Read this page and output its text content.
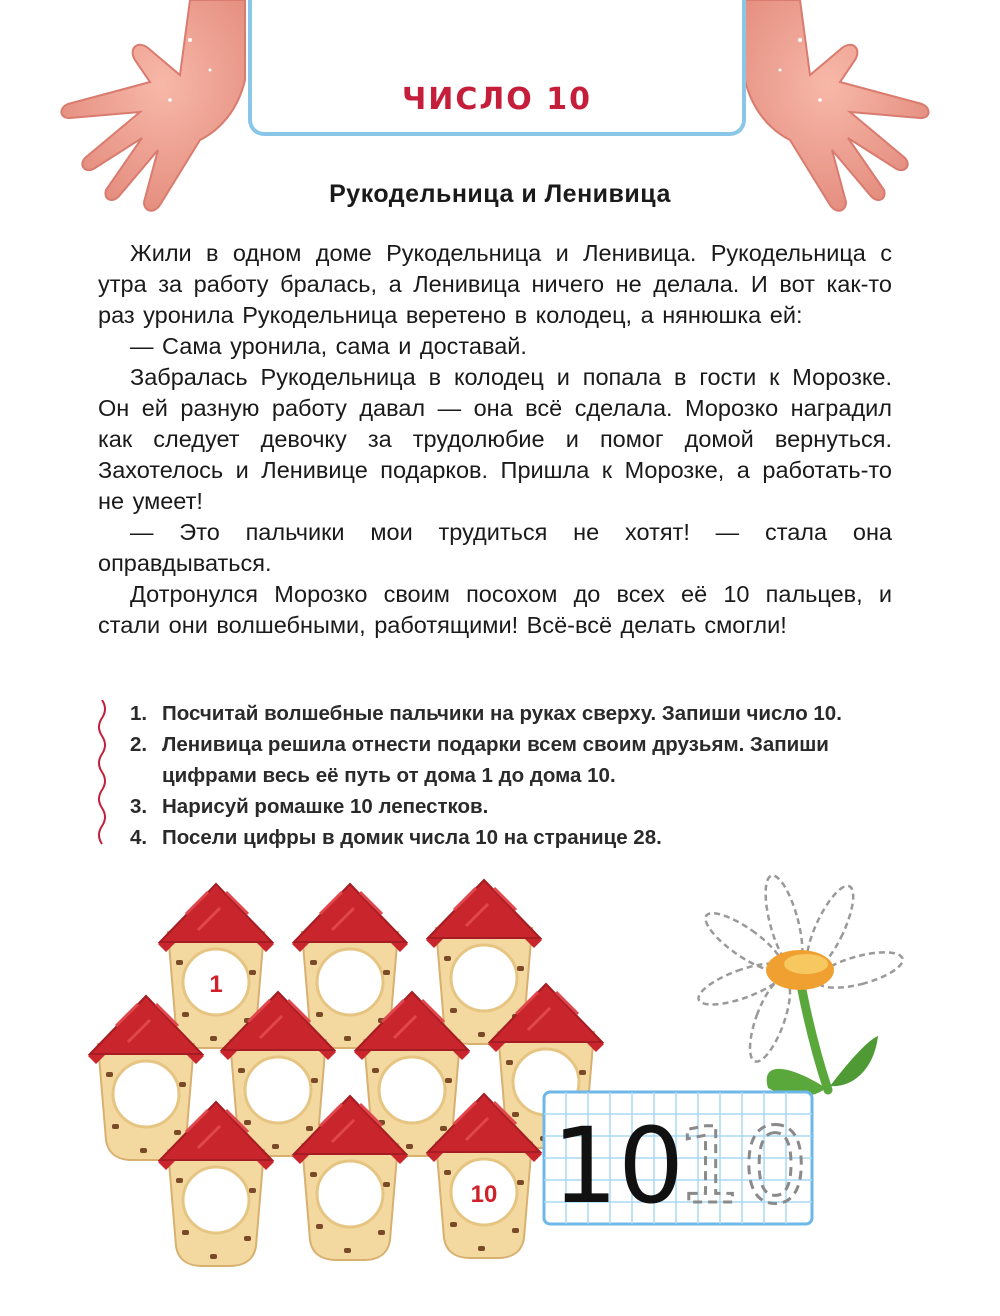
ЧИСЛО 10
Рукодельница и Ленивица

Жили в одном доме Рукодельница и Ленивица. Рукодельница с утра за работу бралась, а Ленивица ничего не делала. И вот как-то раз уронила Рукодельница веретено в колодец, а нянюшка ей:

— Сама уронила, сама и доставай.

Забралась Рукодельница в колодец и попала в гости к Морозке. Он ей разную работу давал — она всё сделала. Морозко наградил как следует девочку за трудолюбие и помог домой вернуться. Захотелось и Ленивице подарков. Пришла к Морозке, а работать-то не умеет!

— Это пальчики мои трудиться не хотят! — стала она оправдываться.

Дотронулся Морозко своим посохом до всех её 10 пальцев, и стали они волшебными, работящими! Всё-всё делать смогли!

1. Посчитай волшебные пальчики на руках сверху. Запиши число 10.
2. Ленивица решила отнести подарки всем своим друзьям. Запиши цифрами весь её путь от дома 1 до дома 10.
3. Нарисуй ромашке 10 лепестков.
4. Посели цифры в домик числа 10 на странице 28.
1
10 10
10
